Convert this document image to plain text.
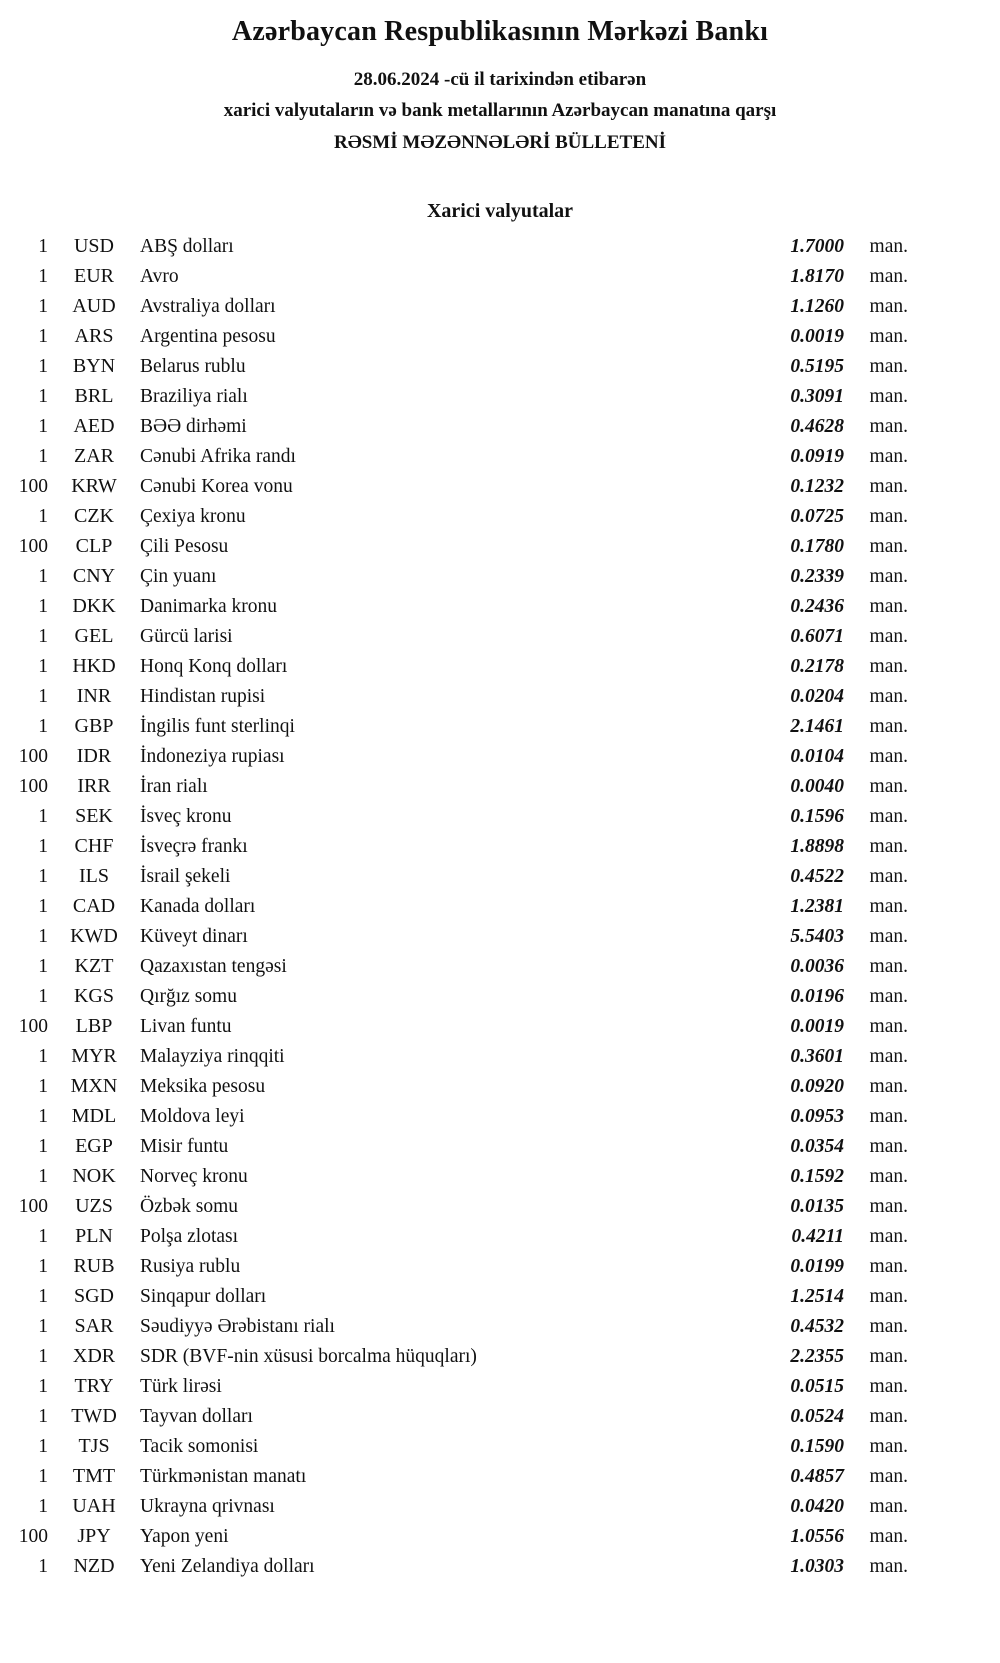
Azərbaycan Respublikasının Mərkəzi Bankı
28.06.2024 -cü il tarixindən etibarən
xarici valyutaların və bank metallarının Azərbaycan manatına qarşı
RƏSMİ MƏZƏNNƏLƏRİ BÜLLETENİ
Xarici valyutalar
1	USD	ABŞ dolları	1.7000	man.
1	EUR	Avro	1.8170	man.
1	AUD	Avstraliya dolları	1.1260	man.
1	ARS	Argentina pesosu	0.0019	man.
1	BYN	Belarus rublu	0.5195	man.
1	BRL	Braziliya rialı	0.3091	man.
1	AED	BƏƏ dirhəmi	0.4628	man.
1	ZAR	Cənubi Afrika randı	0.0919	man.
100	KRW	Cənubi Korea vonu	0.1232	man.
1	CZK	Çexiya kronu	0.0725	man.
100	CLP	Çili Pesosu	0.1780	man.
1	CNY	Çin yuanı	0.2339	man.
1	DKK	Danimarka kronu	0.2436	man.
1	GEL	Gürcü larisi	0.6071	man.
1	HKD	Honq Konq dolları	0.2178	man.
1	INR	Hindistan rupisi	0.0204	man.
1	GBP	İngilis funt sterlinqi	2.1461	man.
100	IDR	İndoneziya rupiası	0.0104	man.
100	IRR	İran rialı	0.0040	man.
1	SEK	İsveç kronu	0.1596	man.
1	CHF	İsveçrə frankı	1.8898	man.
1	ILS	İsrail şekeli	0.4522	man.
1	CAD	Kanada dolları	1.2381	man.
1	KWD	Küveyt dinarı	5.5403	man.
1	KZT	Qazaxıstan tengəsi	0.0036	man.
1	KGS	Qırğız somu	0.0196	man.
100	LBP	Livan funtu	0.0019	man.
1	MYR	Malayziya rinqqiti	0.3601	man.
1	MXN	Meksika pesosu	0.0920	man.
1	MDL	Moldova leyi	0.0953	man.
1	EGP	Misir funtu	0.0354	man.
1	NOK	Norveç kronu	0.1592	man.
100	UZS	Özbək somu	0.0135	man.
1	PLN	Polşa zlotası	0.4211	man.
1	RUB	Rusiya rublu	0.0199	man.
1	SGD	Sinqapur dolları	1.2514	man.
1	SAR	Səudiyyə Ərəbistanı rialı	0.4532	man.
1	XDR	SDR (BVF-nin xüsusi borcalma hüquqları)	2.2355	man.
1	TRY	Türk lirəsi	0.0515	man.
1	TWD	Tayvan dolları	0.0524	man.
1	TJS	Tacik somonisi	0.1590	man.
1	TMT	Türkmənistan manatı	0.4857	man.
1	UAH	Ukrayna qrivnası	0.0420	man.
100	JPY	Yapon yeni	1.0556	man.
1	NZD	Yeni Zelandiya dolları	1.0303	man.
